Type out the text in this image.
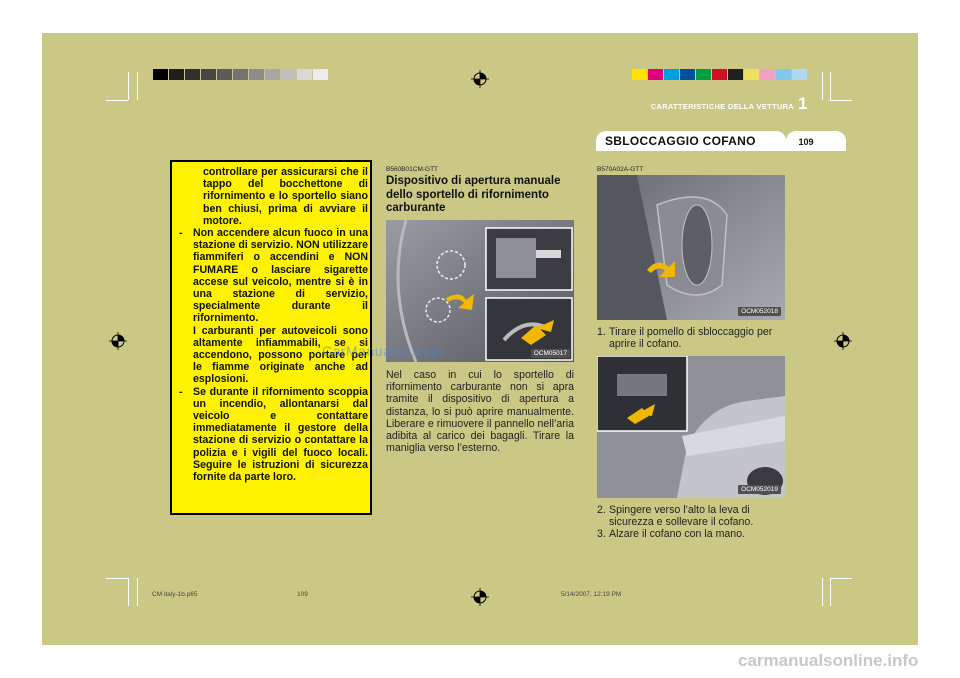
CARATTERISTICHE DELLA VETTURA 1
SBLOCCAGGIO COFANO	109

controllare per assicurarsi che il tappo del bocchettone di rifornimento e lo sportello siano ben chiusi, prima di avviare il motore.

- Non accendere alcun fuoco in una stazione di servizio. NON utilizzare fiammiferi o accendini e NON FUMARE o lasciare sigarette accese sul veicolo, mentre si è in una stazione di servizio, specialmente durante il rifornimento.

I carburanti per autoveicoli sono altamente infiammabili, se si accendono, possono portare per le fiamme originate anche ad esplosioni.

- Se durante il rifornimento scoppia un incendio, allontanarsi dal veicolo e contattare immediatamente il gestore della stazione di servizio o contattare la polizia e i vigili del fuoco locali. Seguire le istruzioni di sicurezza fornite da parte loro.

B560B01CM-GTT
Dispositivo di apertura manuale dello sportello di rifornimento carburante
OCM05017
Nel caso in cui lo sportello di rifornimento carburante non si apra tramite il dispositivo di apertura a distanza, lo si può aprire manualmente. Liberare e rimuovere il pannello nell’aria adibita al carico dei bagagli. Tirare la maniglia verso l’esterno.
CarManuals2.com
B570A02A-GTT
OCM052018
1. Tirare il pomello di sbloccaggio per aprire il cofano.
OCM052019
2. Spingere verso l’alto la leva di sicurezza e sollevare il cofano.
3. Alzare il cofano con la mano.
CM italy-1b.p65	109	5/14/2007, 12:19 PM
carmanualsonline.info
